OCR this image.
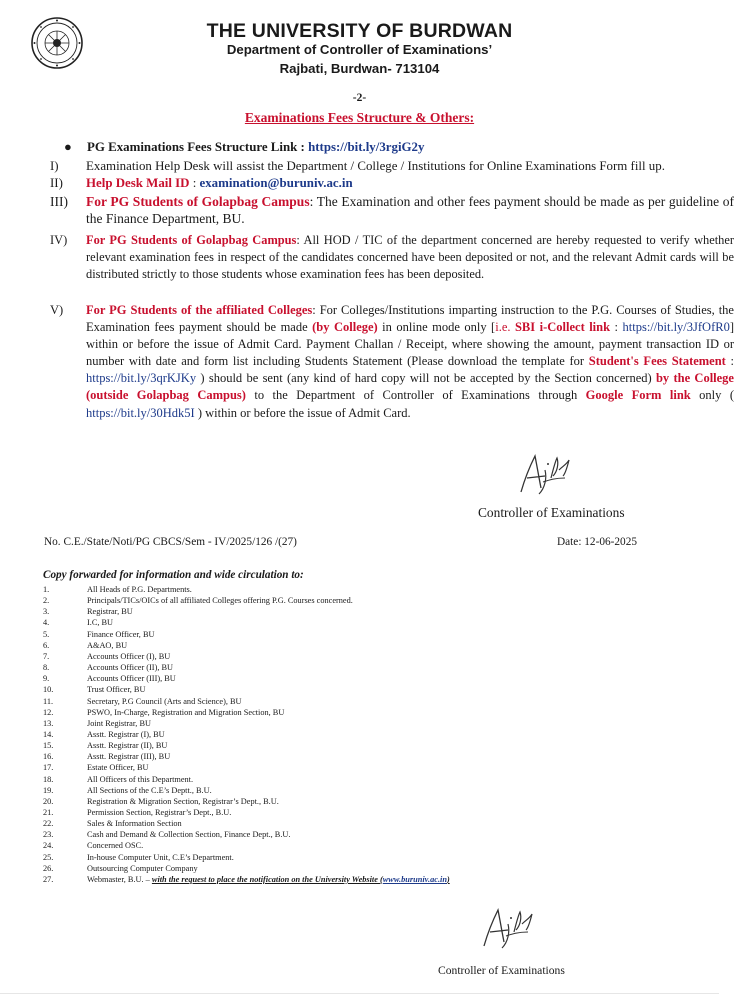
THE UNIVERSITY OF BURDWAN
Department of Controller of Examinations’
Rajbati, Burdwan- 713104
-2-
Examinations Fees Structure & Others:
● PG Examinations Fees Structure Link : https://bit.ly/3rgiG2y
I) Examination Help Desk will assist the Department / College / Institutions for Online Examinations Form fill up.
II) Help Desk Mail ID : examination@buruniv.ac.in
III) For PG Students of Golapbag Campus: The Examination and other fees payment should be made as per guideline of the Finance Department, BU.
IV) For PG Students of Golapbag Campus: All HOD / TIC of the department concerned are hereby requested to verify whether relevant examination fees in respect of the candidates concerned have been deposited or not, and the relevant Admit cards will be distributed strictly to those students whose examination fees has been deposited.
V) For PG Students of the affiliated Colleges: For Colleges/Institutions imparting instruction to the P.G. Courses of Studies, the Examination fees payment should be made (by College) in online mode only [i.e. SBI i-Collect link : https://bit.ly/3JfOfR0] within or before the issue of Admit Card. Payment Challan / Receipt, where showing the amount, payment transaction ID or number with date and form list including Students Statement (Please download the template for Student's Fees Statement : https://bit.ly/3qrKJKy ) should be sent (any kind of hard copy will not be accepted by the Section concerned) by the College (outside Golapbag Campus) to the Department of Controller of Examinations through Google Form link only ( https://bit.ly/30Hdk5I ) within or before the issue of Admit Card.
Controller of Examinations
No. C.E./State/Noti/PG CBCS/Sem - IV/2025/126 /(27)	Date: 12-06-2025
Copy forwarded for information and wide circulation to:
1.	All Heads of P.G. Departments.
2.	Principals/TICs/OICs of all affiliated Colleges offering P.G. Courses concerned.
3.	Registrar, BU
4.	I.C, BU
5.	Finance Officer, BU
6.	A&AO, BU
7.	Accounts Officer (I), BU
8.	Accounts Officer (II), BU
9.	Accounts Officer (III), BU
10.	Trust Officer, BU
11.	Secretary, P.G Council (Arts and Science), BU
12.	PSWO, In-Charge, Registration and Migration Section, BU
13.	Joint Registrar, BU
14.	Asstt. Registrar (I), BU
15.	Asstt. Registrar (II), BU
16.	Asstt. Registrar (III), BU
17.	Estate Officer, BU
18.	All Officers of this Department.
19.	All Sections of the C.E’s Deptt., B.U.
20.	Registration & Migration Section, Registrar’s Dept., B.U.
21.	Permission Section, Registrar’s Dept., B.U.
22.	Sales & Information Section
23.	Cash and Demand & Collection Section, Finance Dept., B.U.
24.	Concerned OSC.
25.	In-house Computer Unit, C.E’s Department.
26.	Outsourcing Computer Company
27.	Webmaster, B.U. – with the request to place the notification on the University Website (www.buruniv.ac.in)
Controller of Examinations
